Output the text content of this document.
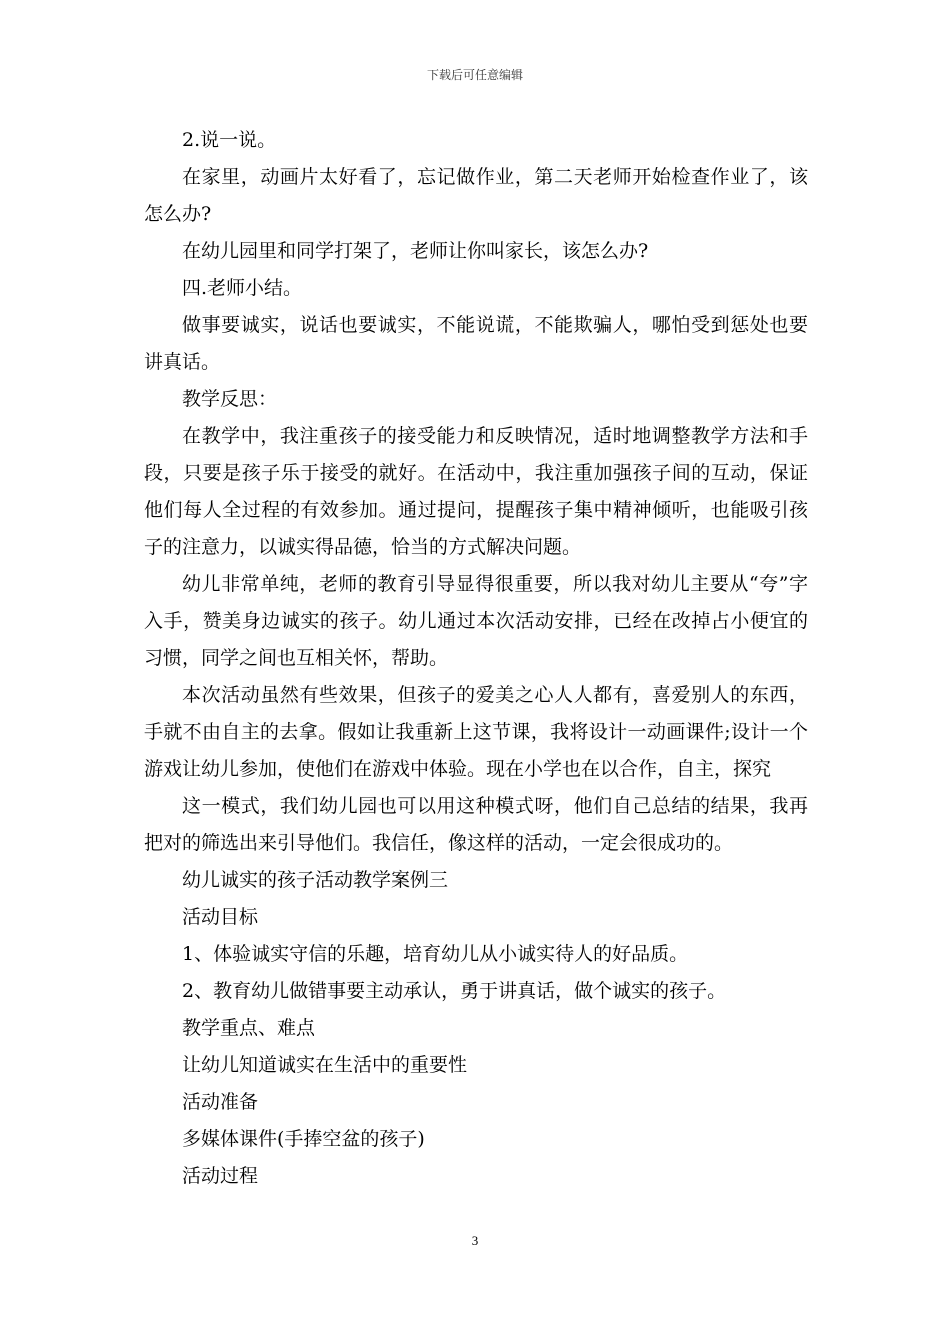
下载后可任意编辑

2.说一说。

在家里，动画片太好看了，忘记做作业，第二天老师开始检查作业了，该怎么办?

在幼儿园里和同学打架了，老师让你叫家长，该怎么办?

四.老师小结。

做事要诚实，说话也要诚实，不能说谎，不能欺骗人，哪怕受到惩处也要讲真话。

教学反思：

在教学中，我注重孩子的接受能力和反映情况，适时地调整教学方法和手段，只要是孩子乐于接受的就好。在活动中，我注重加强孩子间的互动，保证他们每人全过程的有效参加。通过提问，提醒孩子集中精神倾听，也能吸引孩子的注意力，以诚实得品德，恰当的方式解决问题。

幼儿非常单纯，老师的教育引导显得很重要，所以我对幼儿主要从“夸”字入手，赞美身边诚实的孩子。幼儿通过本次活动安排，已经在改掉占小便宜的习惯，同学之间也互相关怀，帮助。

本次活动虽然有些效果，但孩子的爱美之心人人都有，喜爱别人的东西，手就不由自主的去拿。假如让我重新上这节课，我将设计一动画课件;设计一个游戏让幼儿参加，使他们在游戏中体验。现在小学也在以合作，自主，探究

这一模式，我们幼儿园也可以用这种模式呀，他们自己总结的结果，我再把对的筛选出来引导他们。我信任，像这样的活动，一定会很成功的。

幼儿诚实的孩子活动教学案例三

活动目标

1、体验诚实守信的乐趣，培育幼儿从小诚实待人的好品质。

2、教育幼儿做错事要主动承认，勇于讲真话，做个诚实的孩子。

教学重点、难点

让幼儿知道诚实在生活中的重要性

活动准备

多媒体课件(手捧空盆的孩子)

活动过程

3
